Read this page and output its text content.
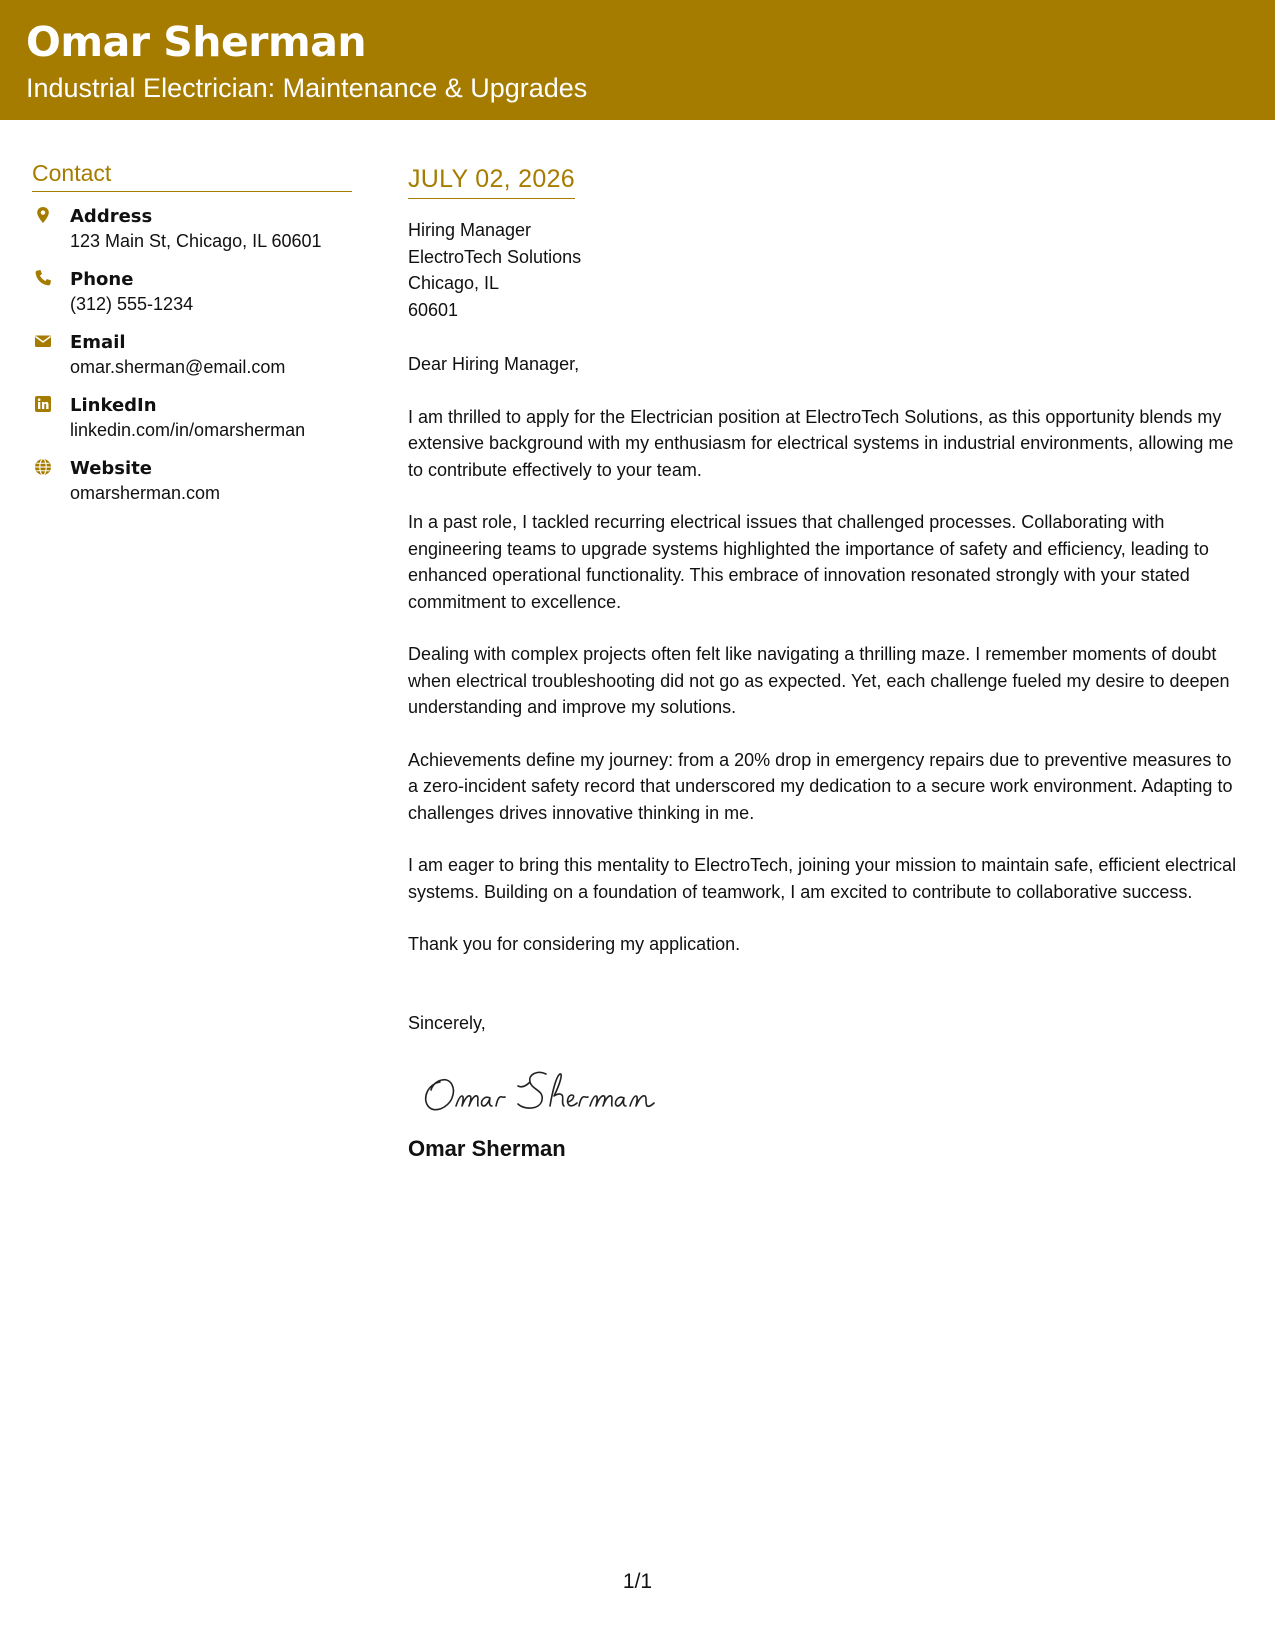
Omar Sherman
Industrial Electrician: Maintenance & Upgrades
Contact
Address
123 Main St, Chicago, IL 60601
Phone
(312) 555-1234
Email
omar.sherman@email.com
LinkedIn
linkedin.com/in/omarsherman
Website
omarsherman.com
JULY 02, 2026
Hiring Manager
ElectroTech Solutions
Chicago, IL
60601
Dear Hiring Manager,
I am thrilled to apply for the Electrician position at ElectroTech Solutions, as this opportunity blends my extensive background with my enthusiasm for electrical systems in industrial environments, allowing me to contribute effectively to your team.
In a past role, I tackled recurring electrical issues that challenged processes. Collaborating with engineering teams to upgrade systems highlighted the importance of safety and efficiency, leading to enhanced operational functionality. This embrace of innovation resonated strongly with your stated commitment to excellence.
Dealing with complex projects often felt like navigating a thrilling maze. I remember moments of doubt when electrical troubleshooting did not go as expected. Yet, each challenge fueled my desire to deepen understanding and improve my solutions.
Achievements define my journey: from a 20% drop in emergency repairs due to preventive measures to a zero-incident safety record that underscored my dedication to a secure work environment. Adapting to challenges drives innovative thinking in me.
I am eager to bring this mentality to ElectroTech, joining your mission to maintain safe, efficient electrical systems. Building on a foundation of teamwork, I am excited to contribute to collaborative success.
Thank you for considering my application.
Sincerely,
Omar Sherman
1/1
